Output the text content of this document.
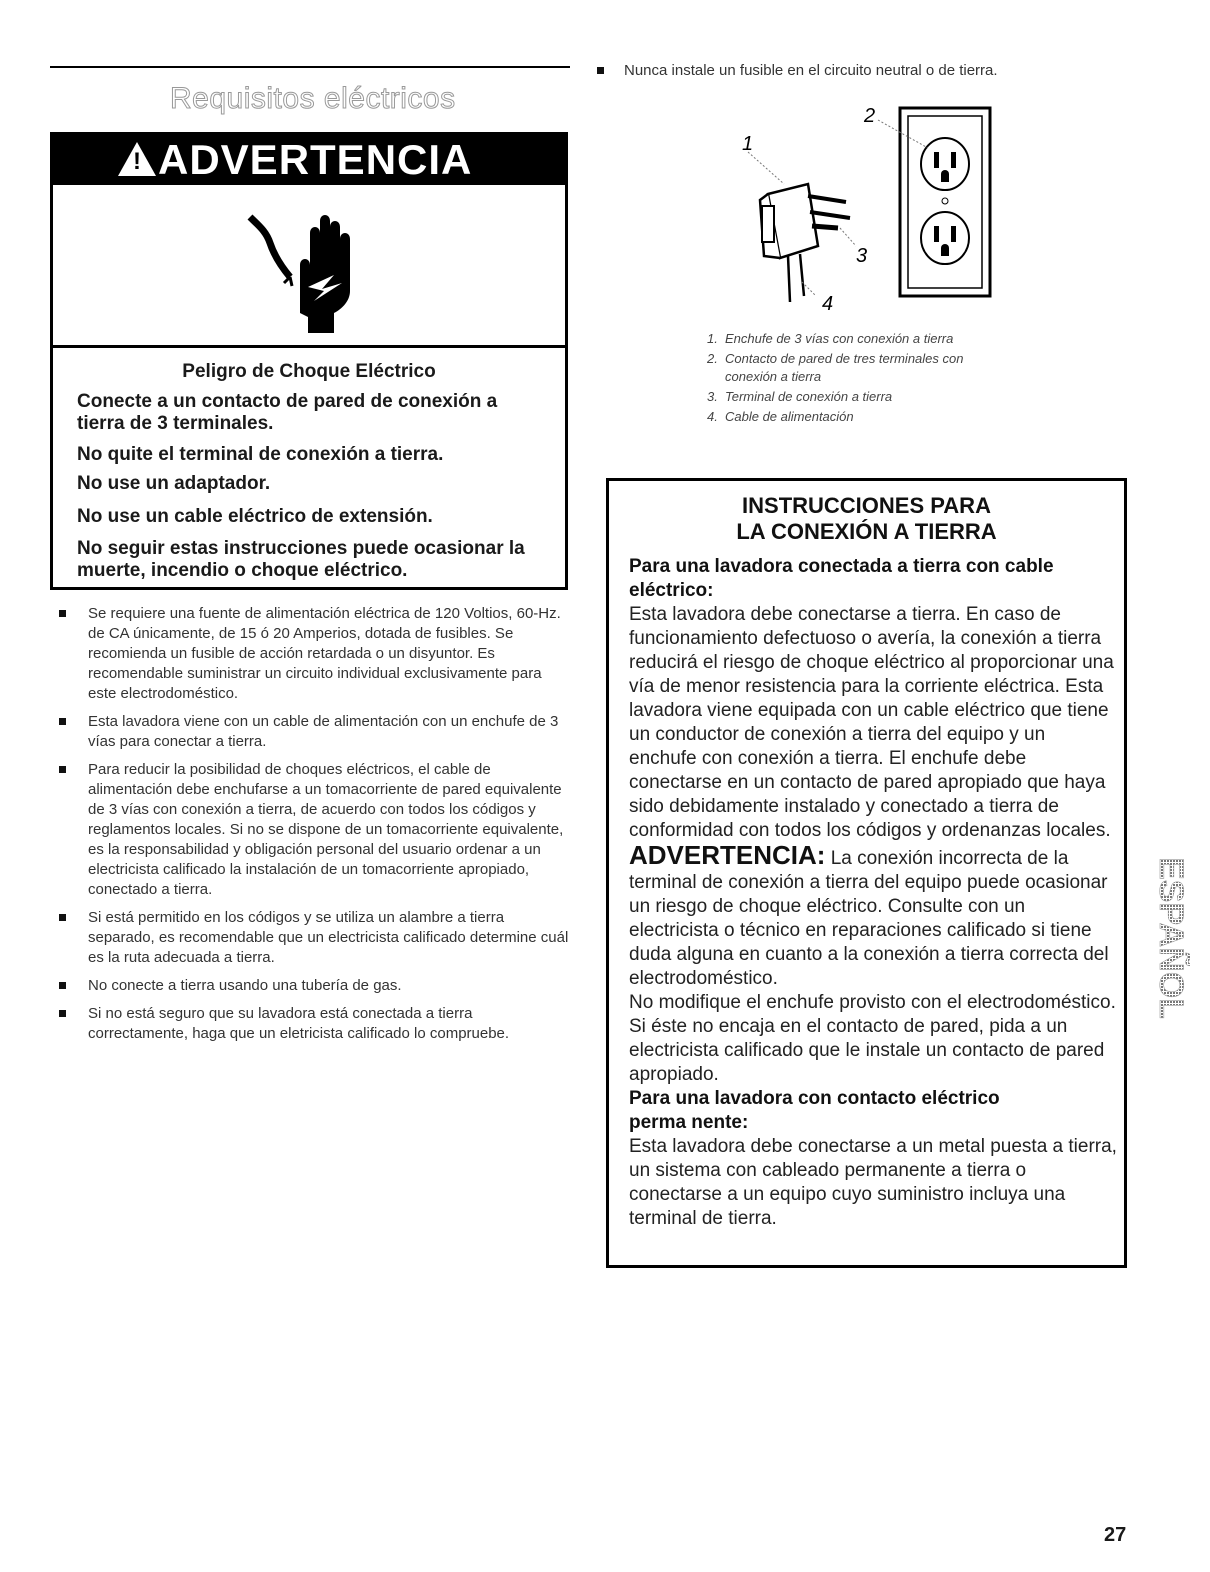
Requisitos eléctricos
! ADVERTENCIA
Peligro de Choque Eléctrico
Conecte a un contacto de pared de conexión a tierra de 3 terminales.
No quite el terminal de conexión a tierra.
No use un adaptador.
No use un cable eléctrico de extensión.
No seguir estas instrucciones puede ocasionar la muerte, incendio o choque eléctrico.
Se requiere una fuente de alimentación eléctrica de 120 Voltios, 60-Hz. de CA únicamente, de 15 ó 20 Amperios, dotada de fusibles. Se recomienda un fusible de acción retardada o un disyuntor. Es recomendable suministrar un circuito individual exclusivamente para este electrodoméstico.
Esta lavadora viene con un cable de alimentación con un enchufe de 3 vías para conectar a tierra.
Para reducir la posibilidad de choques eléctricos, el cable de alimentación debe enchufarse a un tomacorriente de pared equivalente de 3 vías con conexión a tierra, de acuerdo con todos los códigos y reglamentos locales. Si no se dispone de un tomacorriente equivalente, es la responsabilidad y obligación personal del usuario ordenar a un electricista calificado la instalación de un tomacorriente apropiado, conectado a tierra.
Si está permitido en los códigos y se utiliza un alambre a tierra separado, es recomendable que un electricista calificado determine cuál es la ruta adecuada a tierra.
No conecte a tierra usando una tubería de gas.
Si no está seguro que su lavadora está conectada a tierra correctamente, haga que un eletricista calificado lo compruebe.
Nunca instale un fusible en el circuito neutral o de tierra.
1
2
3
4
1. Enchufe de 3 vías con conexión a tierra
2. Contacto de pared de tres terminales con
conexión a tierra
3. Terminal de conexión a tierra
4. Cable de alimentación
INSTRUCCIONES PARA
LA CONEXIÓN A TIERRA
Para una lavadora conectada a tierra con cable eléctrico:
Esta lavadora debe conectarse a tierra. En caso de funcionamiento defectuoso o avería, la conexión a tierra reducirá el riesgo de choque eléctrico al proporcionar una vía de menor resistencia para la corriente eléctrica. Esta lavadora viene equipada con un cable eléctrico que tiene un conductor de conexión a tierra del equipo y un enchufe con conexión a tierra. El enchufe debe conectarse en un contacto de pared apropiado que haya sido debidamente instalado y conectado a tierra de conformidad con todos los códigos y ordenanzas locales.
ADVERTENCIA: La conexión incorrecta de la terminal de conexión a tierra del equipo puede ocasionar un riesgo de choque eléctrico. Consulte con un electricista o técnico en reparaciones calificado si tiene duda alguna en cuanto a la conexión a tierra correcta del electrodoméstico.
No modifique el enchufe provisto con el electrodoméstico. Si éste no encaja en el contacto de pared, pida a un electricista calificado que le instale un contacto de pared apropiado.
Para una lavadora con contacto eléctrico
perma nente:
Esta lavadora debe conectarse a un metal puesta a tierra, un sistema con cableado permanente a tierra o conectarse a un equipo cuyo suministro incluya una terminal de tierra.
ESPAÑOL
27
